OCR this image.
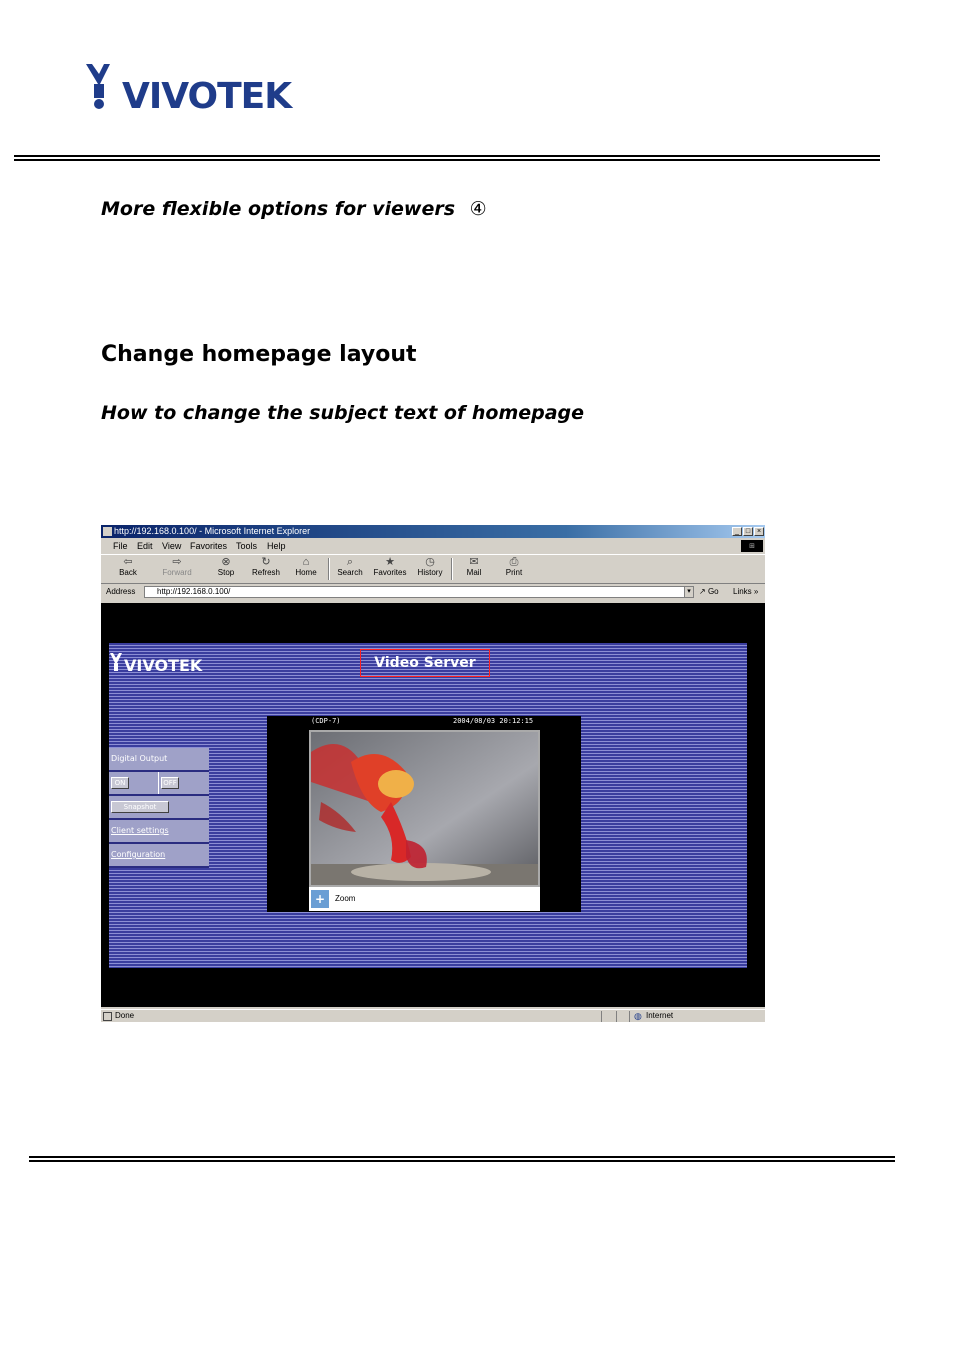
VIVOTEK
More flexible options for viewers ④
Change homepage layout
How to change the subject text of homepage
http://192.168.0.100/ - Microsoft Internet Explorer	_ □ ×
File Edit View Favorites Tools Help	⊞
⇦
Back
⇨
Forward
⊗
Stop
↻
Refresh
⌂
Home
⌕
Search
★
Favorites
◷
History
✉
Mail
⎙
Print
Address	http://192.168.0.100/	▾	↗ Go Links »
VIVOTEK	Video Server
Digital Output
ON	OFF
Snapshot
Client settings
Configuration
(CDP-7)	2004/08/03 20:12:15
+	Zoom
Done	◍ Internet
